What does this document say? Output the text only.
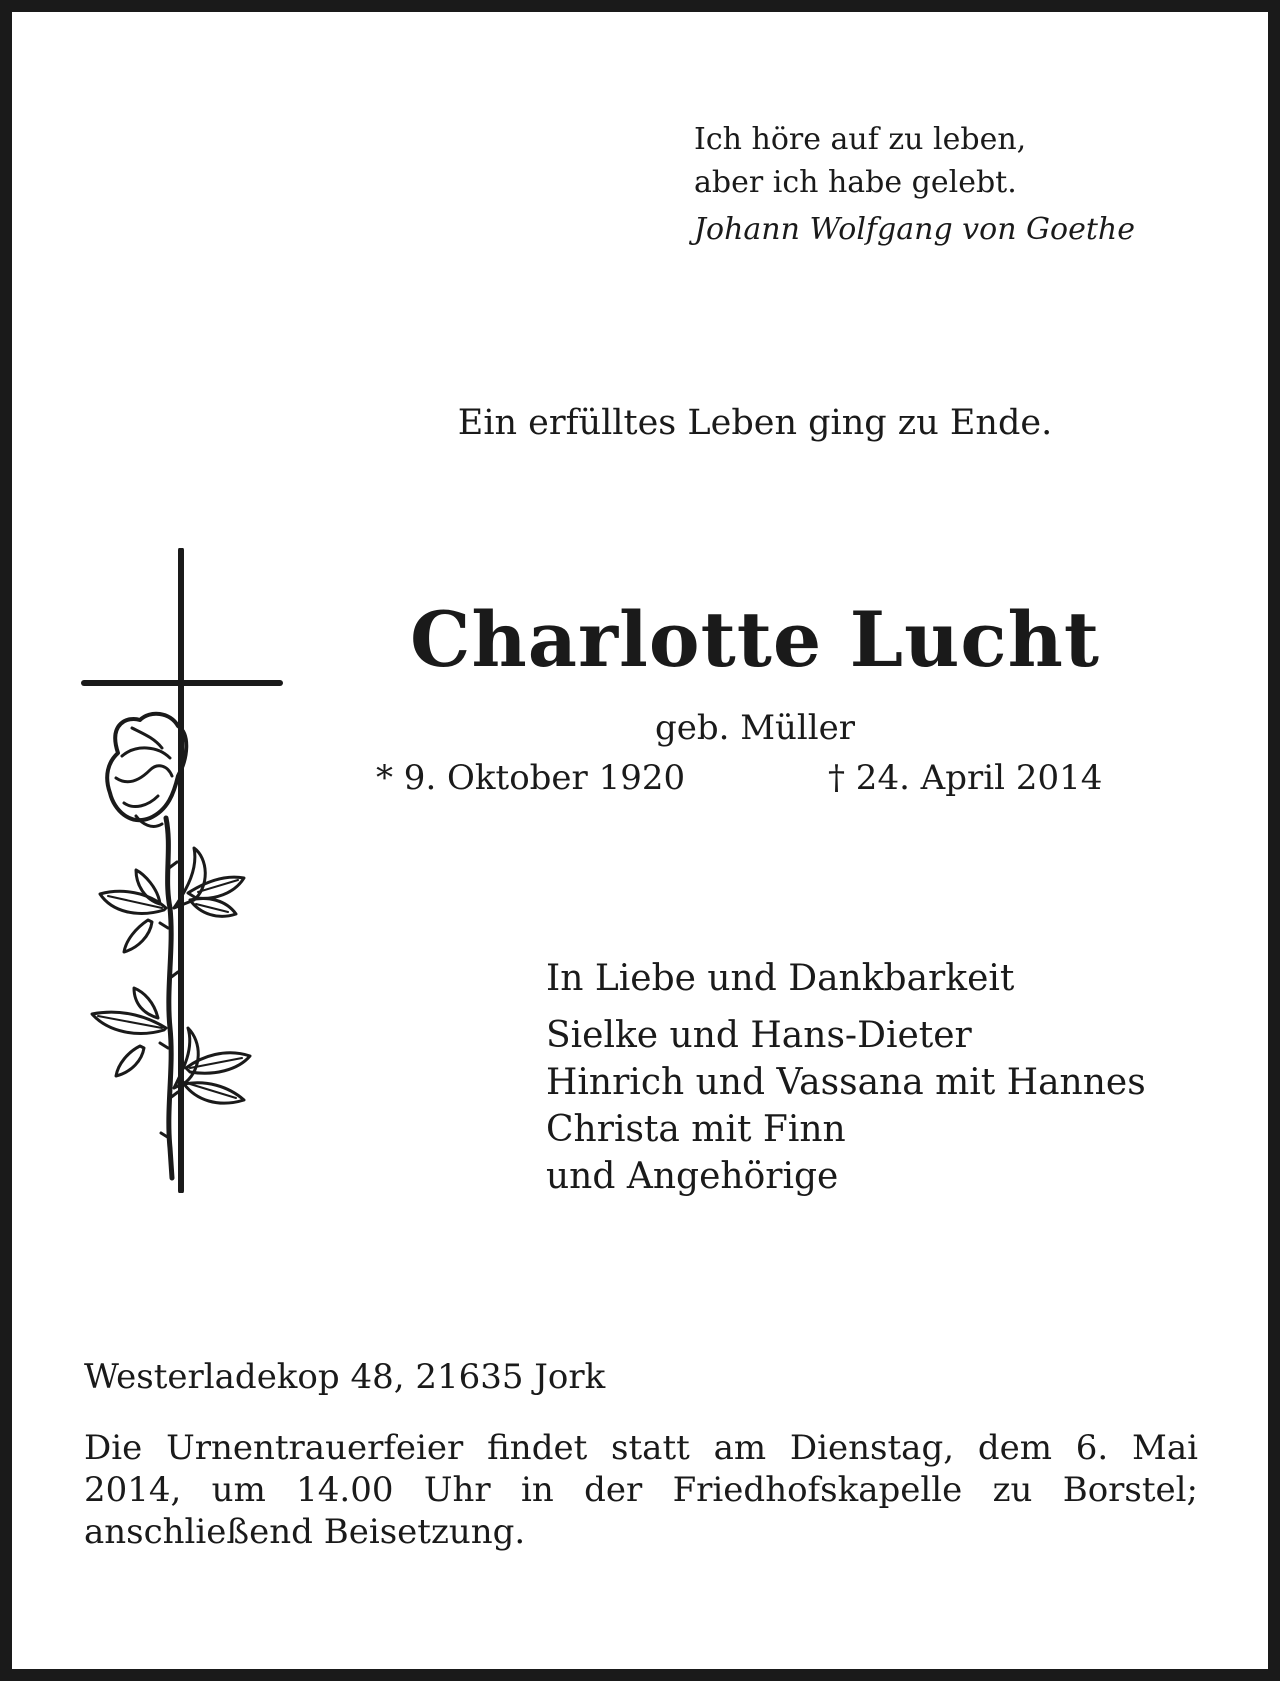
Ich höre auf zu leben,
aber ich habe gelebt.
Johann Wolfgang von Goethe
Ein erfülltes Leben ging zu Ende.
Charlotte Lucht
geb. Müller
* 9. Oktober 1920	† 24. April 2014
In Liebe und Dankbarkeit
Sielke und Hans-Dieter
Hinrich und Vassana mit Hannes
Christa mit Finn
und Angehörige
Westerladekop 48, 21635 Jork
Die Urnentrauerfeier findet statt am Dienstag, dem 6. Mai 2014, um 14.00 Uhr in der Friedhofskapelle zu Borstel; anschließend Beisetzung.
